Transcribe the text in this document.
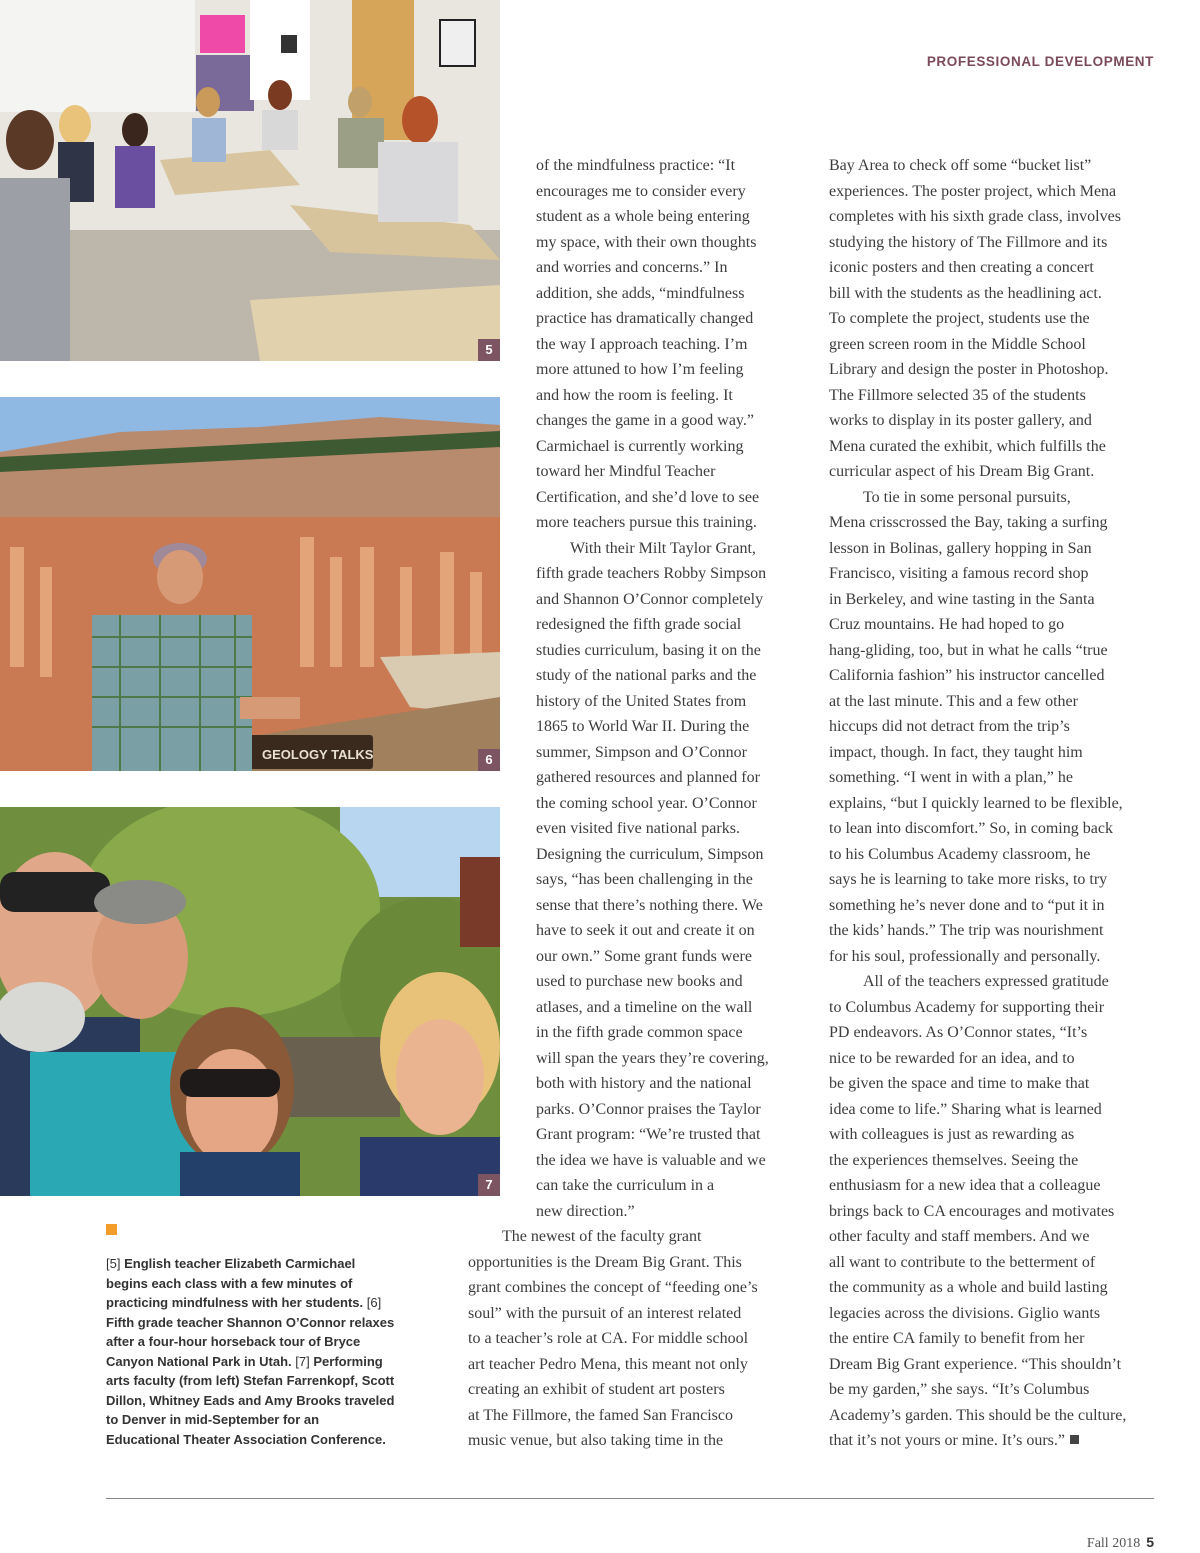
PROFESSIONAL DEVELOPMENT
5
GEOLOGY TALKS	6
7
[5] English teacher Elizabeth Carmichael begins each class with a few minutes of practicing mindfulness with her students. [6] Fifth grade teacher Shannon O’Connor relaxes after a four-hour horseback tour of Bryce Canyon National Park in Utah. [7] Performing arts faculty (from left) Stefan Farrenkopf, Scott Dillon, Whitney Eads and Amy Brooks traveled to Denver in mid-September for an Educational Theater Association Conference.
of the mindfulness practice: “It
encourages me to consider every
student as a whole being entering
my space, with their own thoughts
and worries and concerns.” In
addition, she adds, “mindfulness
practice has dramatically changed
the way I approach teaching. I’m
more attuned to how I’m feeling
and how the room is feeling. It
changes the game in a good way.”
Carmichael is currently working
toward her Mindful Teacher
Certification, and she’d love to see
more teachers pursue this training.
With their Milt Taylor Grant,
fifth grade teachers Robby Simpson
and Shannon O’Connor completely
redesigned the fifth grade social
studies curriculum, basing it on the
study of the national parks and the
history of the United States from
1865 to World War II. During the
summer, Simpson and O’Connor
gathered resources and planned for
the coming school year. O’Connor
even visited five national parks.
Designing the curriculum, Simpson
says, “has been challenging in the
sense that there’s nothing there. We
have to seek it out and create it on
our own.” Some grant funds were
used to purchase new books and
atlases, and a timeline on the wall
in the fifth grade common space
will span the years they’re covering,
both with history and the national
parks. O’Connor praises the Taylor
Grant program: “We’re trusted that
the idea we have is valuable and we
can take the curriculum in a
new direction.”
The newest of the faculty grant
opportunities is the Dream Big Grant. This
grant combines the concept of “feeding one’s
soul” with the pursuit of an interest related
to a teacher’s role at CA. For middle school
art teacher Pedro Mena, this meant not only
creating an exhibit of student art posters
at The Fillmore, the famed San Francisco
music venue, but also taking time in the
Bay Area to check off some “bucket list”
experiences. The poster project, which Mena
completes with his sixth grade class, involves
studying the history of The Fillmore and its
iconic posters and then creating a concert
bill with the students as the headlining act.
To complete the project, students use the
green screen room in the Middle School
Library and design the poster in Photoshop.
The Fillmore selected 35 of the students
works to display in its poster gallery, and
Mena curated the exhibit, which fulfills the
curricular aspect of his Dream Big Grant.
To tie in some personal pursuits,
Mena crisscrossed the Bay, taking a surfing
lesson in Bolinas, gallery hopping in San
Francisco, visiting a famous record shop
in Berkeley, and wine tasting in the Santa
Cruz mountains. He had hoped to go
hang-gliding, too, but in what he calls “true
California fashion” his instructor cancelled
at the last minute. This and a few other
hiccups did not detract from the trip’s
impact, though. In fact, they taught him
something. “I went in with a plan,” he
explains, “but I quickly learned to be flexible,
to lean into discomfort.” So, in coming back
to his Columbus Academy classroom, he
says he is learning to take more risks, to try
something he’s never done and to “put it in
the kids’ hands.” The trip was nourishment
for his soul, professionally and personally.
All of the teachers expressed gratitude
to Columbus Academy for supporting their
PD endeavors. As O’Connor states, “It’s
nice to be rewarded for an idea, and to
be given the space and time to make that
idea come to life.” Sharing what is learned
with colleagues is just as rewarding as
the experiences themselves. Seeing the
enthusiasm for a new idea that a colleague
brings back to CA encourages and motivates
other faculty and staff members. And we
all want to contribute to the betterment of
the community as a whole and build lasting
legacies across the divisions. Giglio wants
the entire CA family to benefit from her
Dream Big Grant experience. “This shouldn’t
be my garden,” she says. “It’s Columbus
Academy’s garden. This should be the culture,
that it’s not yours or mine. It’s ours.”
Fall 2018 5
